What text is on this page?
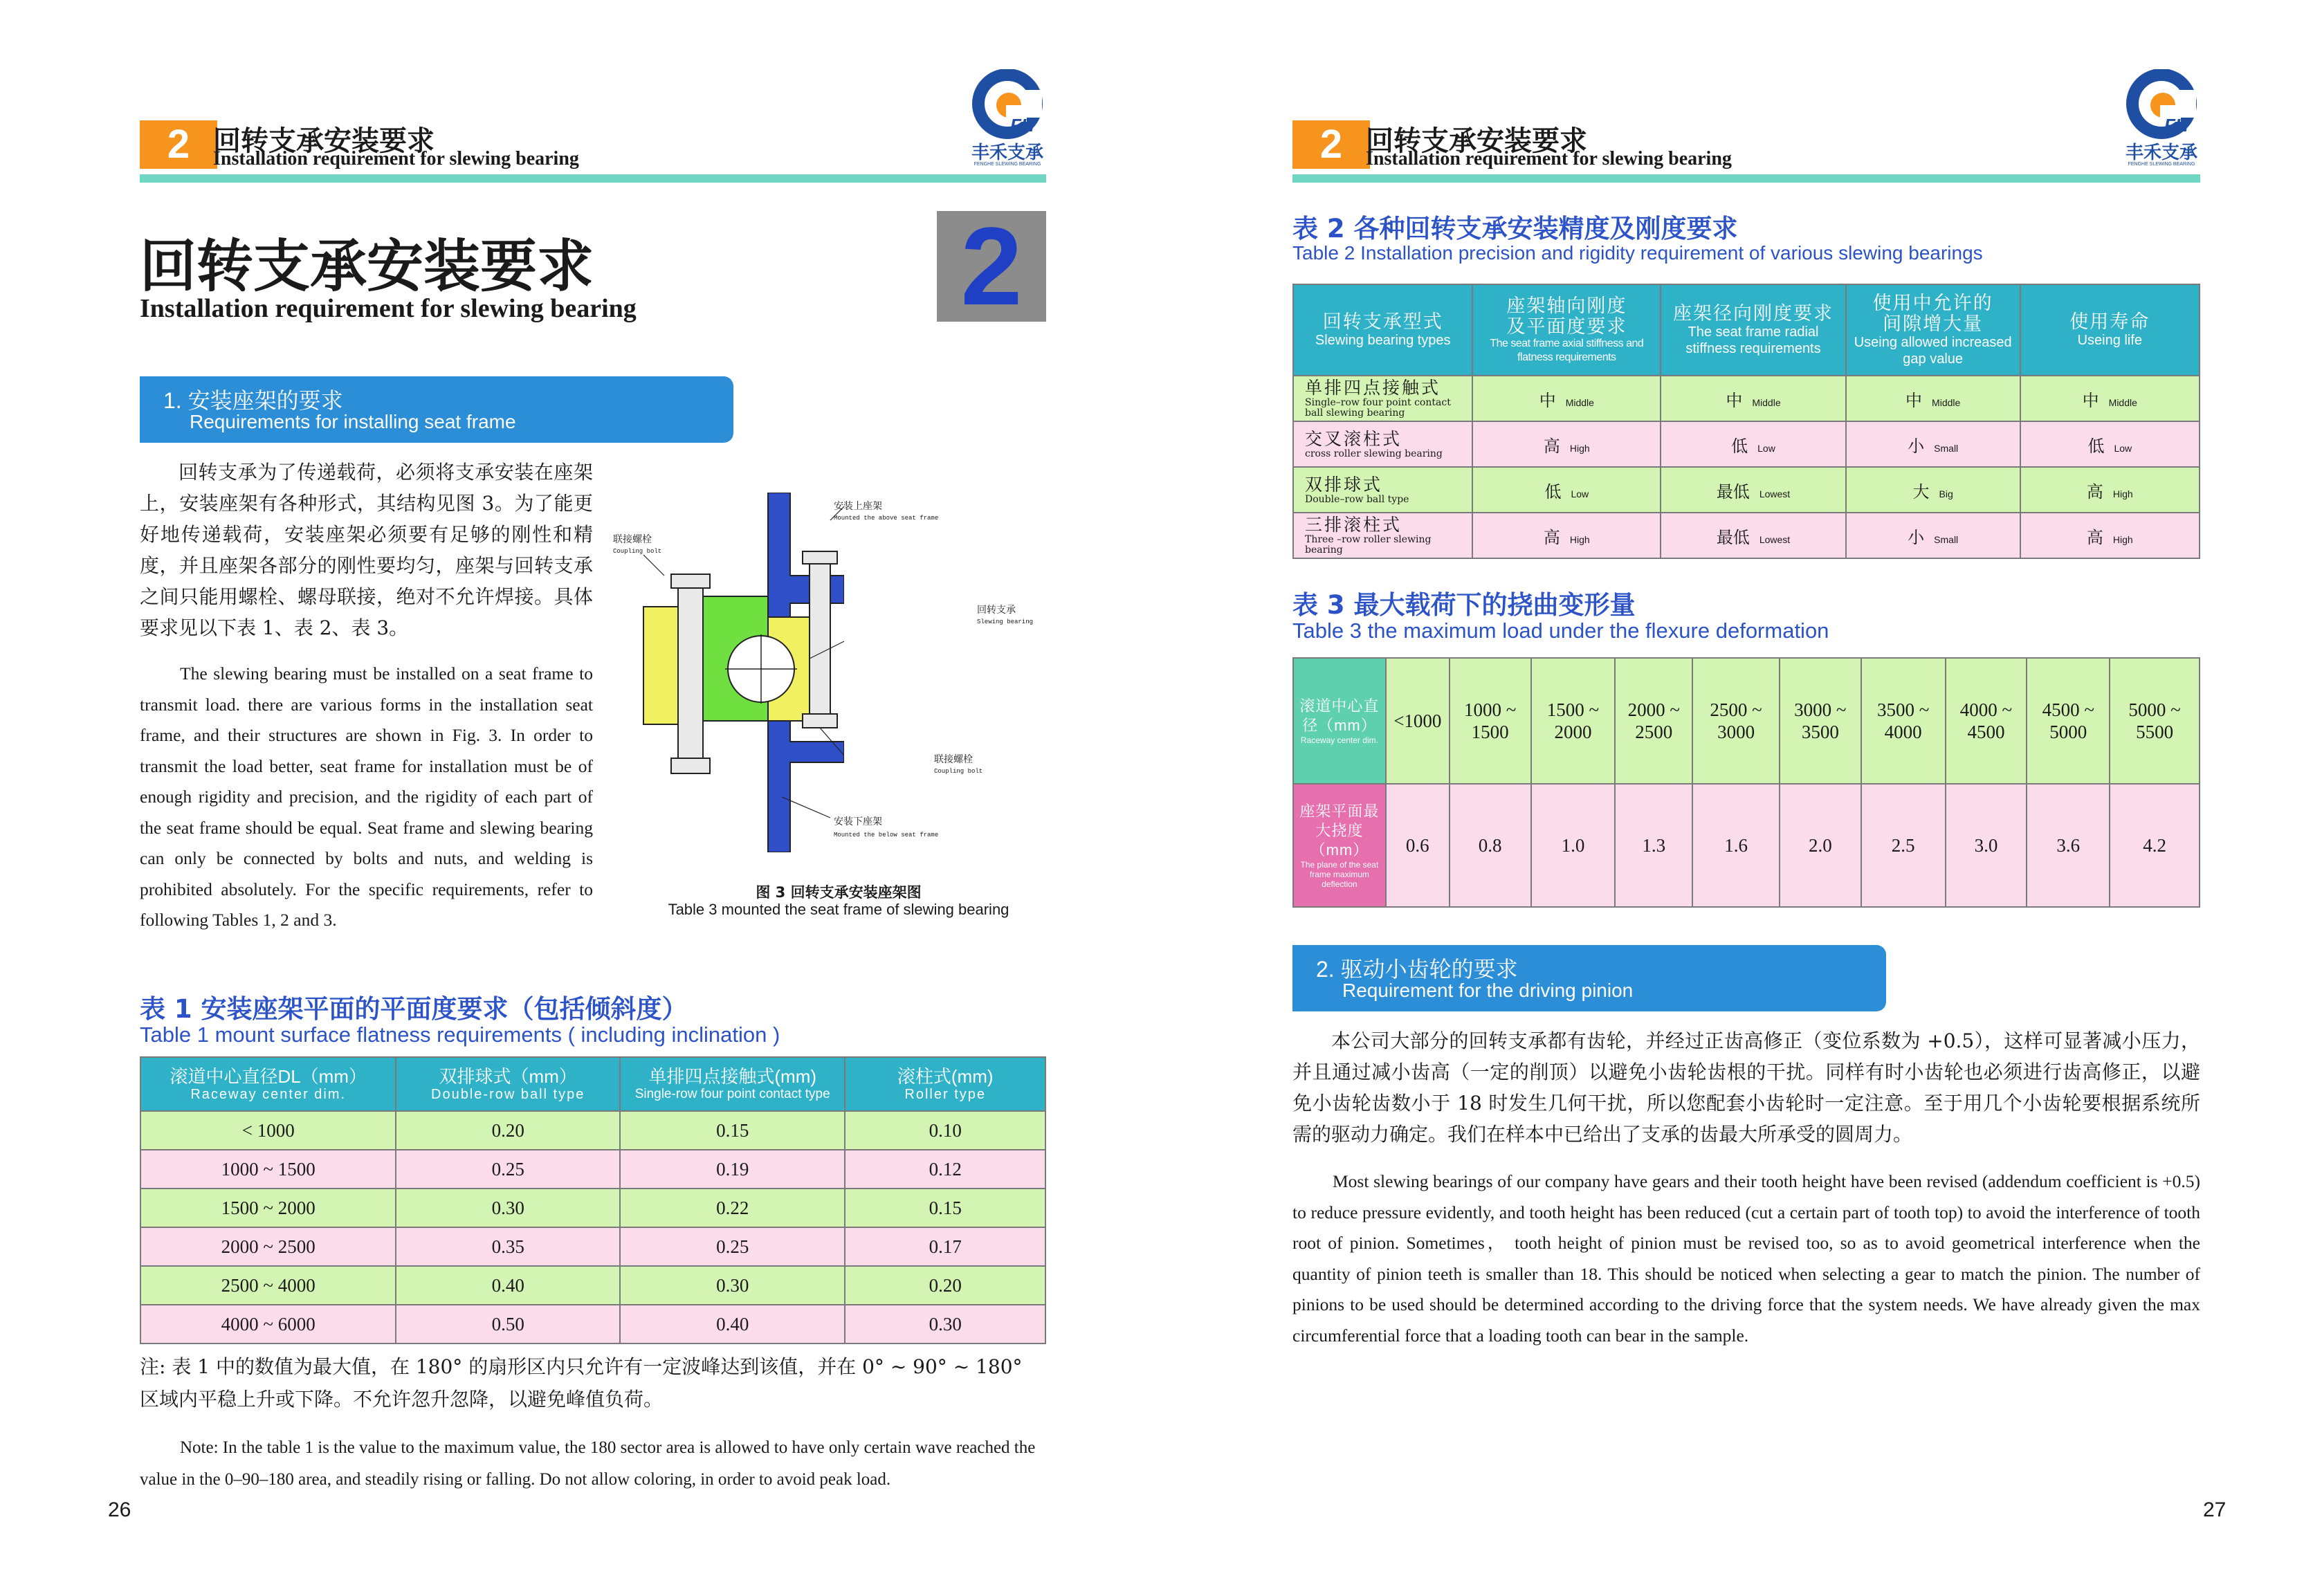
2 回转支承安装要求
Installation requirement for slewing bearing
FH
丰禾支承
FENGHE SLEWING BEARING
回转支承安装要求
Installation requirement for slewing bearing	2
1. 安装座架的要求
Requirements for installing seat frame
回转支承为了传递载荷，必须将支承安装在座架上，安装座架有各种形式，其结构见图 3。为了能更好地传递载荷，安装座架必须要有足够的刚性和精度，并且座架各部分的刚性要均匀，座架与回转支承之间只能用螺栓、螺母联接，绝对不允许焊接。具体要求见以下表 1、表 2、表 3。
The slewing bearing must be installed on a seat frame to transmit load. there are various forms in the installation seat frame, and their structures are shown in Fig. 3. In order to transmit the load better, seat frame for installation must be of enough rigidity and precision, and the rigidity of each part of the seat frame should be equal. Seat frame and slewing bearing can only be connected by bolts and nuts, and welding is prohibited absolutely. For the specific requirements, refer to following Tables 1, 2 and 3.
安装上座架
Mounted the above seat frame
联接螺栓
Coupling bolt
回转支承
Slewing bearing
联接螺栓
Coupling bolt
安装下座架
Mounted the below seat frame
图 3 回转支承安装座架图
Table 3 mounted the seat frame of slewing bearing
表 1 安装座架平面的平面度要求（包括倾斜度）
Table 1 mount surface flatness requirements ( including inclination )
滚道中心直径DL（mm）
Raceway center dim.	双排球式（mm）
Double-row ball type	单排四点接触式(mm)
Single-row four point contact type	滚柱式(mm)
Roller type

< 1000	0.20	0.15	0.10
1000 ~ 1500	0.25	0.19	0.12
1500 ~ 2000	0.30	0.22	0.15
2000 ~ 2500	0.35	0.25	0.17
2500 ~ 4000	0.40	0.30	0.20
4000 ~ 6000	0.50	0.40	0.30
注: 表 1 中的数值为最大值，在 180° 的扇形区内只允许有一定波峰达到该值，并在 0° ~ 90° ~ 180° 区域内平稳上升或下降。不允许忽升忽降，以避免峰值负荷。
Note: In the table 1 is the value to the maximum value, the 180 sector area is allowed to have only certain wave reached the value in the 0–90–180 area, and steadily rising or falling. Do not allow coloring, in order to avoid peak load.
26
2 回转支承安装要求
Installation requirement for slewing bearing
FH
丰禾支承
FENGHE SLEWING BEARING
表 2 各种回转支承安装精度及刚度要求
Table 2 Installation precision and rigidity requirement of various slewing bearings
回转支承型式
Slewing bearing types	座架轴向刚度及平面度要求
The seat frame axial stiffness and flatness requirements	座架径向刚度要求
The seat frame radial stiffness requirements	使用中允许的间隙增大量
Useing allowed increased gap value	使用寿命
Useing life

单排四点接触式
Single–row four point contact ball slewing bearing	中 Middle	中 Middle	中 Middle	中 Middle

交叉滚柱式
cross roller slewing bearing	高 High	低 Low	小 Small	低 Low

双排球式
Double–row ball type	低 Low	最低 Lowest	大 Big	高 High

三排滚柱式
Three –row roller slewing bearing	高 High	最低 Lowest	小 Small	高 High
表 3 最大载荷下的挠曲变形量
Table 3 the maximum load under the flexure deformation
滚道中心直径（mm）
Raceway center dim.	<1000	1000 ~ 1500	1500 ~ 2000	2000 ~ 2500	2500 ~ 3000	3000 ~ 3500	3500 ~ 4000	4000 ~ 4500	4500 ~ 5000	5000 ~ 5500

座架平面最大挠度（mm）
The plane of the seat frame maximum deflection	0.6	0.8	1.0	1.3	1.6	2.0	2.5	3.0	3.6	4.2
2. 驱动小齿轮的要求
Requirement for the driving pinion
本公司大部分的回转支承都有齿轮，并经过正齿高修正（变位系数为 +0.5），这样可显著减小压力，并且通过减小齿高（一定的削顶）以避免小齿轮齿根的干扰。同样有时小齿轮也必须进行齿高修正，以避免小齿轮齿数小于 18 时发生几何干扰，所以您配套小齿轮时一定注意。至于用几个小齿轮要根据系统所需的驱动力确定。我们在样本中已给出了支承的齿最大所承受的圆周力。
Most slewing bearings of our company have gears and their tooth height have been revised (addendum coefficient is +0.5) to reduce pressure evidently, and tooth height has been reduced (cut a certain part of tooth top) to avoid the interference of tooth root of pinion. Sometimes， tooth height of pinion must be revised too, so as to avoid geometrical interference when the quantity of pinion teeth is smaller than 18. This should be noticed when selecting a gear to match the pinion. The number of pinions to be used should be determined according to the driving force that the system needs. We have already given the max circumferential force that a loading tooth can bear in the sample.
27
